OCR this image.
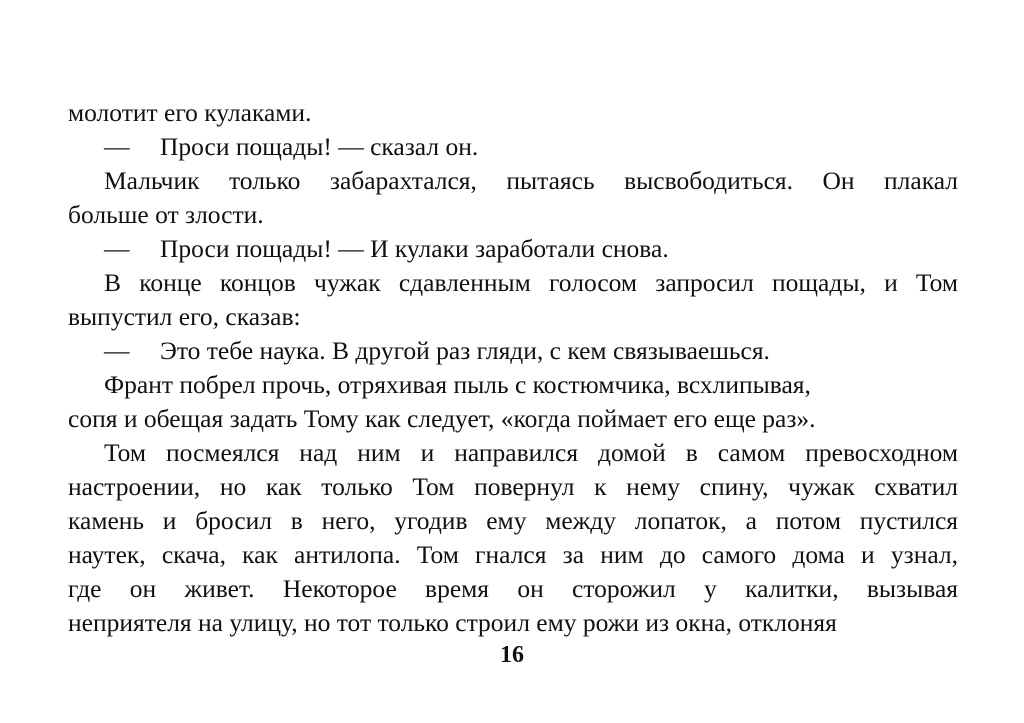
молотит его кулаками.
— Проси пощады! — сказал он.
Мальчик только забарахтался, пытаясь высвободиться. Он плакал
больше от злости.
— Проси пощады! — И кулаки заработали снова.
В конце концов чужак сдавленным голосом запросил пощады, и Том
выпустил его, сказав:
— Это тебе наука. В другой раз гляди, с кем связываешься.
Франт побрел прочь, отряхивая пыль с костюмчика, всхлипывая,
сопя и обещая задать Тому как следует, «когда поймает его еще раз».
Том посмеялся над ним и направился домой в самом превосходном
настроении, но как только Том повернул к нему спину, чужак схватил
камень и бросил в него, угодив ему между лопаток, а потом пустился
наутек, скача, как антилопа. Том гнался за ним до самого дома и узнал,
где он живет. Некоторое время он сторожил у калитки, вызывая
неприятеля на улицу, но тот только строил ему рожи из окна, отклоняя
16
